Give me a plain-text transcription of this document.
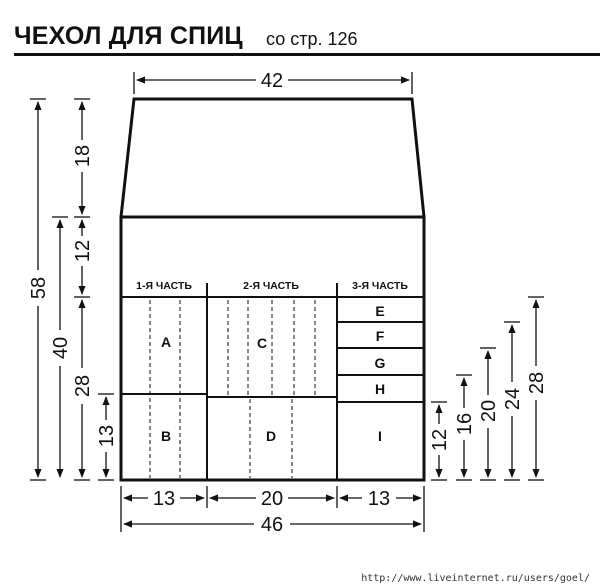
ЧЕХОЛ ДЛЯ СПИЦ со стр. 126
1-Я ЧАСТЬ	2-Я ЧАСТЬ	3-Я ЧАСТЬ
A
B
C
D
E
F
G
H
I
42
13	20	13
46
58
18
40
12
28
13	12
16
20
24
28
http://www.liveinternet.ru/users/goel/
